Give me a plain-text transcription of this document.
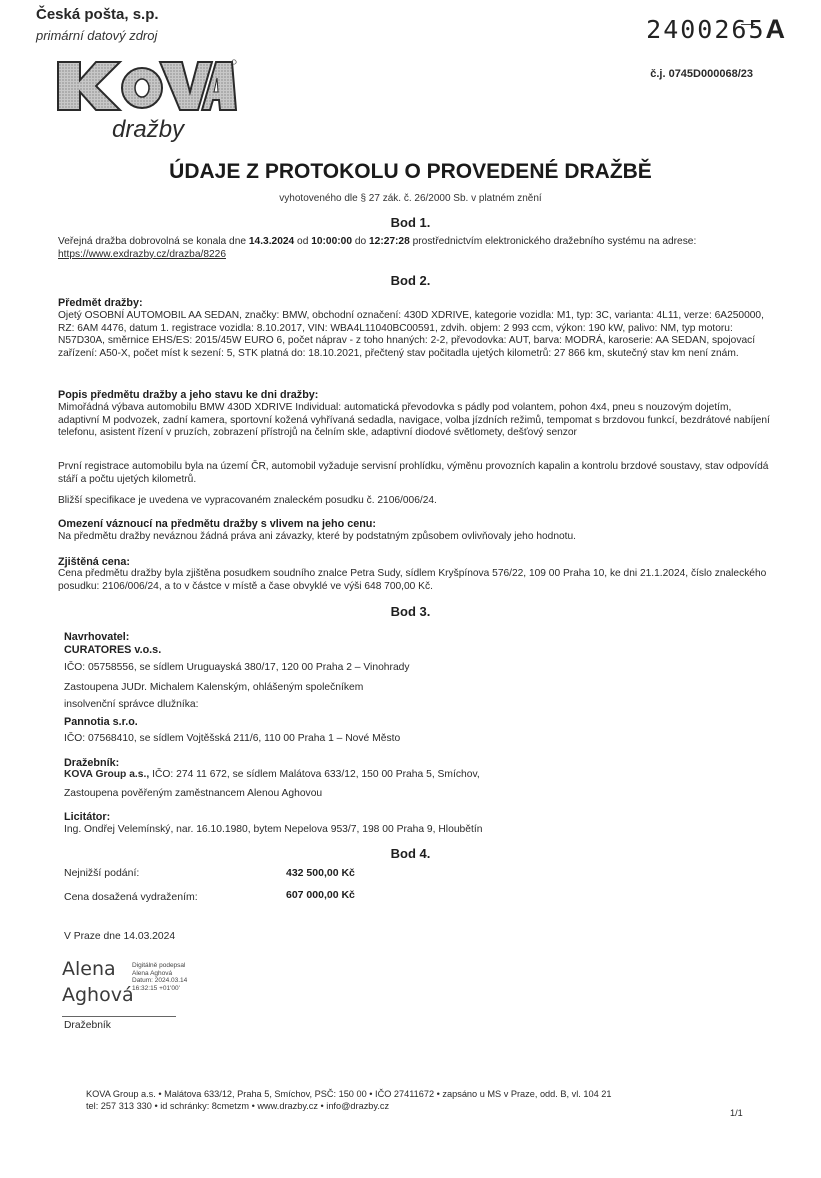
Česká pošta, s.p.
primární datový zdroj	2400265A
č.j. 0745D000068/23
dražby
ÚDAJE Z PROTOKOLU O PROVEDENÉ DRAŽBĚ
vyhotoveného dle § 27 zák. č. 26/2000 Sb. v platném znění
Bod 1.
Veřejná dražba dobrovolná se konala dne 14.3.2024 od 10:00:00 do 12:27:28 prostřednictvím elektronického dražebního systému na adrese: https://www.exdrazby.cz/drazba/8226
Bod 2.
Předmět dražby:
Ojetý OSOBNÍ AUTOMOBIL AA SEDAN, značky: BMW, obchodní označení: 430D XDRIVE, kategorie vozidla: M1, typ: 3C, varianta: 4L11, verze: 6A250000, RZ: 6AM 4476, datum 1. registrace vozidla: 8.10.2017, VIN: WBA4L11040BC00591, zdvih. objem: 2 993 ccm, výkon: 190 kW, palivo: NM, typ motoru: N57D30A, směrnice EHS/ES: 2015/45W EURO 6, počet náprav - z toho hnaných: 2-2, převodovka: AUT, barva: MODRÁ, karoserie: AA SEDAN, spojovací zařízení: A50-X, počet míst k sezení: 5, STK platná do: 18.10.2021, přečtený stav počitadla ujetých kilometrů: 27 866 km, skutečný stav km není znám.
Popis předmětu dražby a jeho stavu ke dni dražby:
Mimořádná výbava automobilu BMW 430D XDRIVE Individual: automatická převodovka s pádly pod volantem, pohon 4x4, pneu s nouzovým dojetím, adaptivní M podvozek, zadní kamera, sportovní kožená vyhřívaná sedadla, navigace, volba jízdních režimů, tempomat s brzdovou funkcí, bezdrátové nabíjení telefonu, asistent řízení v pruzích, zobrazení přístrojů na čelním skle, adaptivní diodové světlomety, dešťový senzor
První registrace automobilu byla na území ČR, automobil vyžaduje servisní prohlídku, výměnu provozních kapalin a kontrolu brzdové soustavy, stav odpovídá stáří a počtu ujetých kilometrů.
Bližší specifikace je uvedena ve vypracovaném znaleckém posudku č. 2106/006/24.
Omezení váznoucí na předmětu dražby s vlivem na jeho cenu:
Na předmětu dražby neváznou žádná práva ani závazky, které by podstatným způsobem ovlivňovaly jeho hodnotu.
Zjištěná cena:
Cena předmětu dražby byla zjištěna posudkem soudního znalce Petra Sudy, sídlem Kryšpínova 576/22, 109 00 Praha 10, ke dni 21.1.2024, číslo znaleckého posudku: 2106/006/24, a to v částce v místě a čase obvyklé ve výši 648 700,00 Kč.
Bod 3.
Navrhovatel:
CURATORES v.o.s.
IČO: 05758556, se sídlem Uruguayská 380/17, 120 00 Praha 2 – Vinohrady
Zastoupena JUDr. Michalem Kalenským, ohlášeným společníkem
insolvenční správce dlužníka:
Pannotia s.r.o.
IČO: 07568410, se sídlem Vojtěšská 211/6, 110 00 Praha 1 – Nové Město
Dražebník:
KOVA Group a.s., IČO: 274 11 672, se sídlem Malátova 633/12, 150 00 Praha 5, Smíchov,
Zastoupena pověřeným zaměstnancem Alenou Aghovou
Licitátor:
Ing. Ondřej Velemínský, nar. 16.10.1980, bytem Nepelova 953/7, 198 00 Praha 9, Hloubětín
Bod 4.
Nejnižší podání:	432 500,00 Kč
Cena dosažená vydražením:	607 000,00 Kč
V Praze dne 14.03.2024
Alena
Aghová
Digitálně podepsal
Alena Aghová
Datum: 2024.03.14
16:32:15 +01'00'
Dražebník
KOVA Group a.s. • Malátova 633/12, Praha 5, Smíchov, PSČ: 150 00 • IČO 27411672 • zapsáno u MS v Praze, odd. B, vl. 104 21
tel: 257 313 330 • id schránky: 8cmetzm • www.drazby.cz • info@drazby.cz
1/1
